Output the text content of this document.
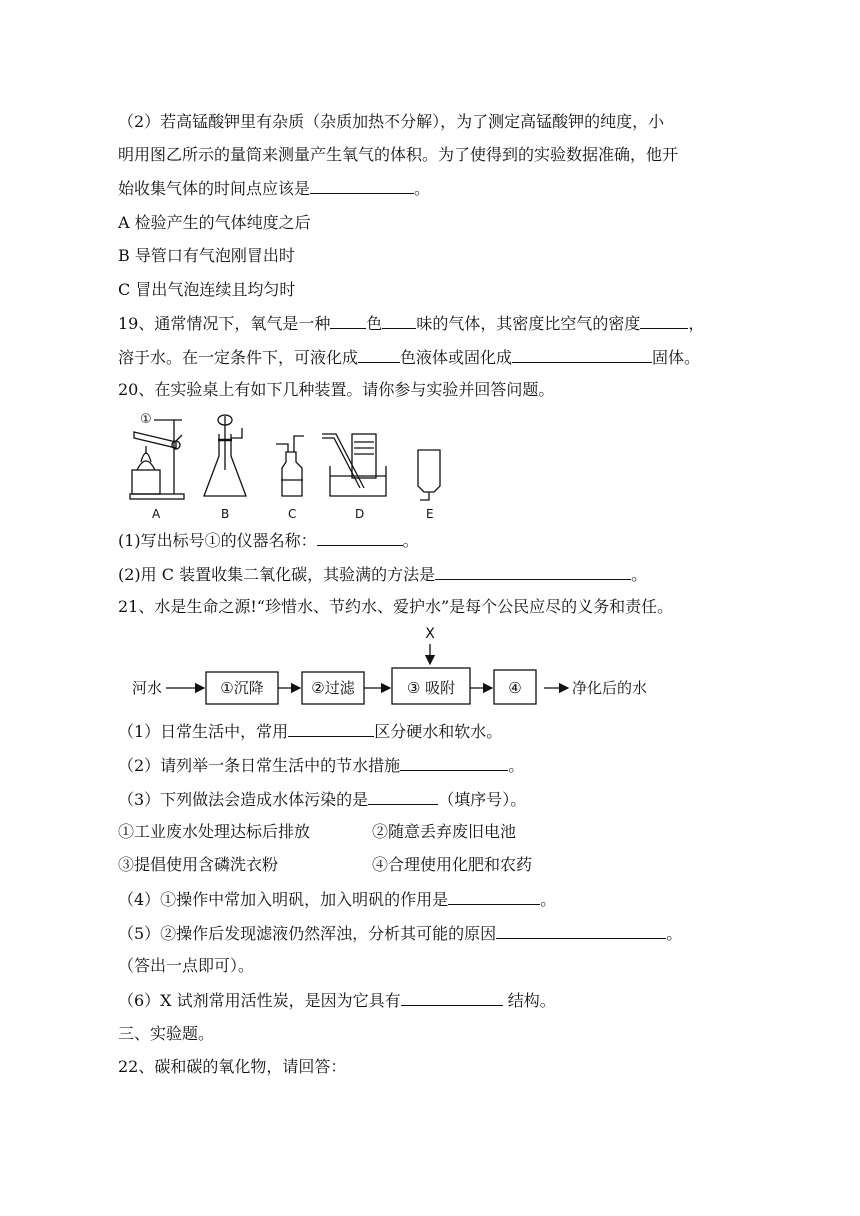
（2）若高锰酸钾里有杂质（杂质加热不分解），为了测定高锰酸钾的纯度，小
明用图乙所示的量筒来测量产生氧气的体积。为了使得到的实验数据准确，他开
始收集气体的时间点应该是	。
A 检验产生的气体纯度之后
B 导管口有气泡刚冒出时
C 冒出气泡连续且均匀时
19、通常情况下，氧气是一种 色 味的气体，其密度比空气的密度	，
溶于水。在一定条件下，可液化成	色液体或固化成	固体。
20、在实验桌上有如下几种装置。请你参与实验并回答问题。
①
A	B	C	D	E
(1)写出标号①的仪器名称：	。
(2)用 C 装置收集二氧化碳，其验满的方法是	。
21、水是生命之源!“珍惜水、节约水、爱护水”是每个公民应尽的义务和责任。
X
河水	①沉降	②过滤	③ 吸附	④	净化后的水
（1）日常生活中，常用	区分硬水和软水。
（2）请列举一条日常生活中的节水措施	。
（3）下列做法会造成水体污染的是	（填序号）。
①工业废水处理达标后排放	②随意丢弃废旧电池
③提倡使用含磷洗衣粉	④合理使用化肥和农药
（4）①操作中常加入明矾，加入明矾的作用是	。
（5）②操作后发现滤液仍然浑浊，分析其可能的原因	。
（答出一点即可）。
（6）X 试剂常用活性炭，是因为它具有	结构。
三、实验题。
22、碳和碳的氧化物，请回答：
